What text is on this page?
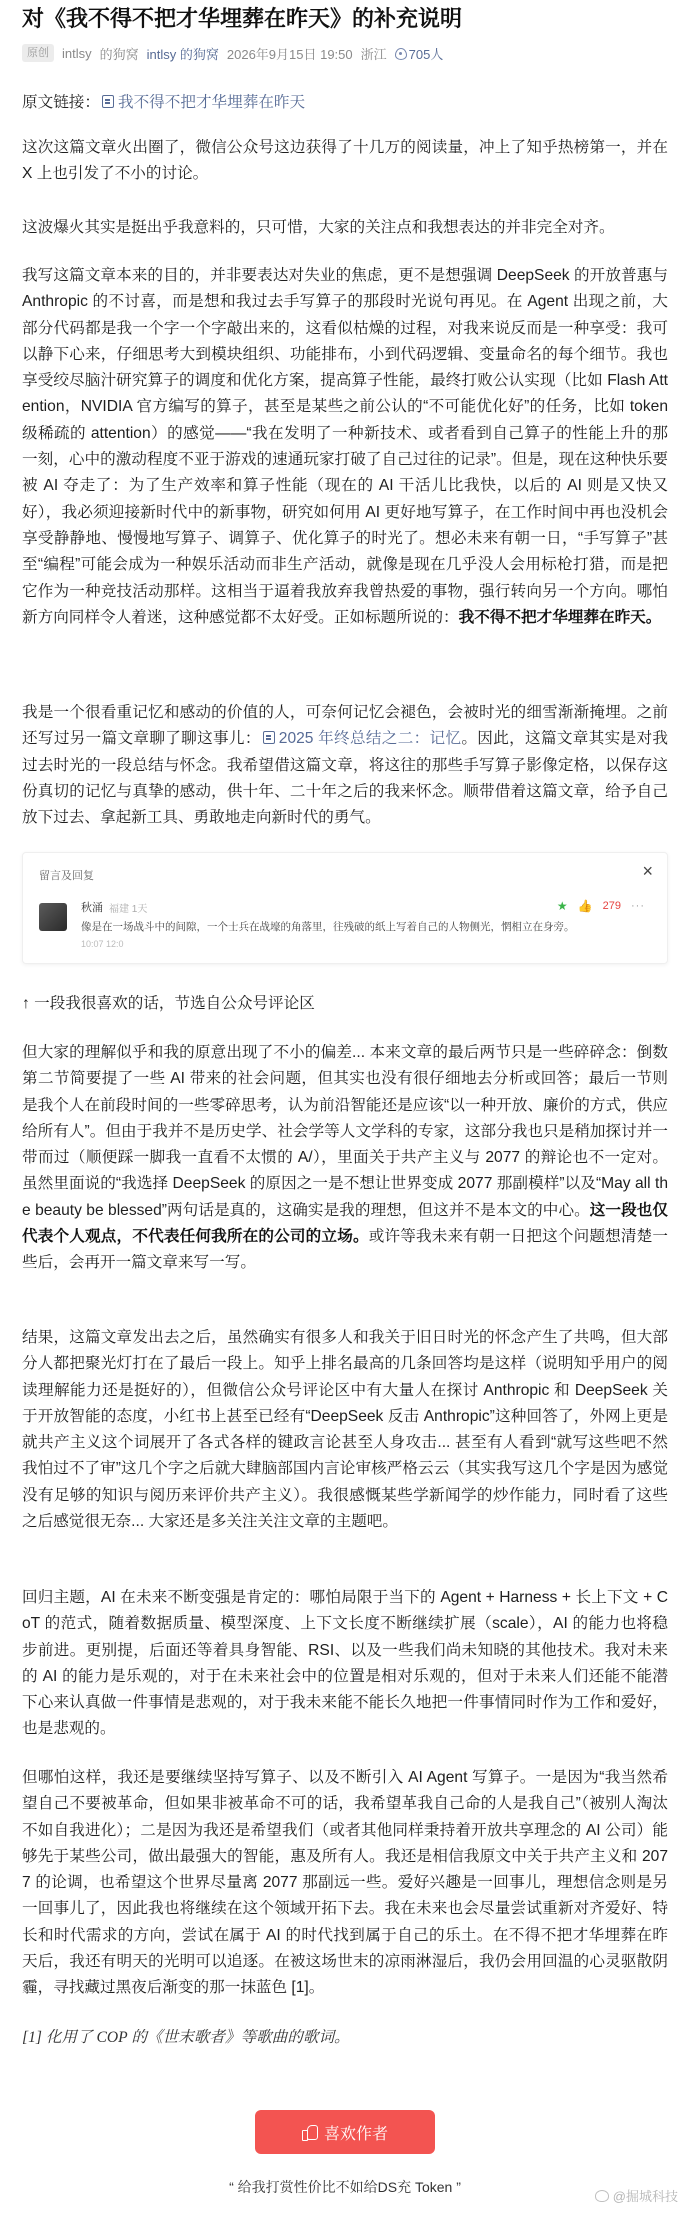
对《我不得不把才华埋葬在昨天》的补充说明
原创	intlsy 的狗窝 intlsy 的狗窝 2026年9月15日 19:50 浙江	705人

原文链接： 我不得不把才华埋葬在昨天

这次这篇文章火出圈了，微信公众号这边获得了十几万的阅读量，冲上了知乎热榜第一，并在 X 上也引发了不小的讨论。

这波爆火其实是挺出乎我意料的，只可惜，大家的关注点和我想表达的并非完全对齐。

我写这篇文章本来的目的，并非要表达对失业的焦虑，更不是想强调 DeepSeek 的开放普惠与 Anthropic 的不讨喜，而是想和我过去手写算子的那段时光说句再见。在 Agent 出现之前，大部分代码都是我一个字一个字敲出来的，这看似枯燥的过程，对我来说反而是一种享受：我可以静下心来，仔细思考大到模块组织、功能排布，小到代码逻辑、变量命名的每个细节。我也享受绞尽脑汁研究算子的调度和优化方案，提高算子性能，最终打败公认实现（比如 Flash Attention，NVIDIA 官方编写的算子，甚至是某些之前公认的“不可能优化好”的任务，比如 token 级稀疏的 attention）的感觉——“我在发明了一种新技术、或者看到自己算子的性能上升的那一刻，心中的激动程度不亚于游戏的速通玩家打破了自己过往的记录”。但是，现在这种快乐要被 AI 夺走了：为了生产效率和算子性能（现在的 AI 干活儿比我快，以后的 AI 则是又快又好），我必须迎接新时代中的新事物，研究如何用 AI 更好地写算子，在工作时间中再也没机会享受静静地、慢慢地写算子、调算子、优化算子的时光了。想必未来有朝一日，“手写算子”甚至“编程”可能会成为一种娱乐活动而非生产活动，就像是现在几乎没人会用标枪打猎，而是把它作为一种竞技活动那样。这相当于逼着我放弃我曾热爱的事物，强行转向另一个方向。哪怕新方向同样令人着迷，这种感觉都不太好受。正如标题所说的：我不得不把才华埋葬在昨天。

我是一个很看重记忆和感动的价值的人，可奈何记忆会褪色，会被时光的细雪渐渐掩埋。之前还写过另一篇文章聊了聊这事儿： 2025 年终总结之二：记忆。因此，这篇文章其实是对我过去时光的一段总结与怀念。我希望借这篇文章，将这往的那些手写算子影像定格，以保存这份真切的记忆与真挚的感动，供十年、二十年之后的我来怀念。顺带借着这篇文章，给予自己放下过去、拿起新工具、勇敢地走向新时代的勇气。

留言及回复	×
秋涌 福建 1天	★ 👍 279 ···
像是在一场战斗中的间隙，一个士兵在战壕的角落里，往残破的纸上写着自己的人物侧光，惘相立在身旁。
10:07 12:0

↑ 一段我很喜欢的话，节选自公众号评论区

但大家的理解似乎和我的原意出现了不小的偏差... 本来文章的最后两节只是一些碎碎念：倒数第二节简要提了一些 AI 带来的社会问题，但其实也没有很仔细地去分析或回答；最后一节则是我个人在前段时间的一些零碎思考，认为前沿智能还是应该“以一种开放、廉价的方式，供应给所有人”。但由于我并不是历史学、社会学等人文学科的专家，这部分我也只是稍加探讨并一带而过（顺便踩一脚我一直看不太惯的 A/），里面关于共产主义与 2077 的辩论也不一定对。虽然里面说的“我选择 DeepSeek 的原因之一是不想让世界变成 2077 那副模样”以及“May all the beauty be blessed”两句话是真的，这确实是我的理想，但这并不是本文的中心。这一段也仅代表个人观点，不代表任何我所在的公司的立场。或许等我未来有朝一日把这个问题想清楚一些后，会再开一篇文章来写一写。

结果，这篇文章发出去之后，虽然确实有很多人和我关于旧日时光的怀念产生了共鸣，但大部分人都把聚光灯打在了最后一段上。知乎上排名最高的几条回答均是这样（说明知乎用户的阅读理解能力还是挺好的），但微信公众号评论区中有大量人在探讨 Anthropic 和 DeepSeek 关于开放智能的态度，小红书上甚至已经有“DeepSeek 反击 Anthropic”这种回答了，外网上更是就共产主义这个词展开了各式各样的键政言论甚至人身攻击... 甚至有人看到“就写这些吧不然我怕过不了审”这几个字之后就大肆脑部国内言论审核严格云云（其实我写这几个字是因为感觉没有足够的知识与阅历来评价共产主义）。我很感慨某些学新闻学的炒作能力，同时看了这些之后感觉很无奈... 大家还是多关注关注文章的主题吧。

回归主题，AI 在未来不断变强是肯定的：哪怕局限于当下的 Agent + Harness + 长上下文 + CoT 的范式，随着数据质量、模型深度、上下文长度不断继续扩展（scale），AI 的能力也将稳步前进。更别提，后面还等着具身智能、RSI、以及一些我们尚未知晓的其他技术。我对未来的 AI 的能力是乐观的，对于在未来社会中的位置是相对乐观的，但对于未来人们还能不能潜下心来认真做一件事情是悲观的，对于我未来能不能长久地把一件事情同时作为工作和爱好，也是悲观的。

但哪怕这样，我还是要继续坚持写算子、以及不断引入 AI Agent 写算子。一是因为“我当然希望自己不要被革命，但如果非被革命不可的话，我希望革我自己命的人是我自己”（被别人淘汰不如自我进化）；二是因为我还是希望我们（或者其他同样秉持着开放共享理念的 AI 公司）能够先于某些公司，做出最强大的智能，惠及所有人。我还是相信我原文中关于共产主义和 2077 的论调，也希望这个世界尽量离 2077 那副远一些。爱好兴趣是一回事儿，理想信念则是另一回事儿了，因此我也将继续在这个领域开拓下去。我在未来也会尽量尝试重新对齐爱好、特长和时代需求的方向，尝试在属于 AI 的时代找到属于自己的乐土。在不得不把才华埋葬在昨天后，我还有明天的光明可以追逐。在被这场世末的凉雨淋湿后，我仍会用回温的心灵驱散阴霾，寻找藏过黑夜后渐变的那一抹蓝色 [1]。

[1] 化用了 COP 的《世末歌者》等歌曲的歌词。

喜欢作者

“ 给我打赏性价比不如给DS充 Token ”

@掘城科技
